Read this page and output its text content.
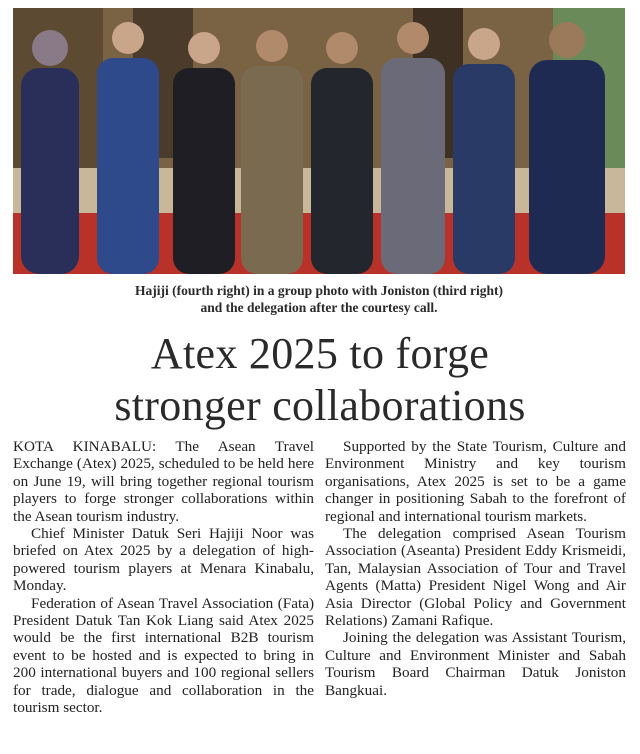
Hajiji (fourth right) in a group photo with Joniston (third right)
and the delegation after the courtesy call.
Atex 2025 to forge
stronger collaborations

KOTA KINABALU: The Asean Travel Exchange (Atex) 2025, scheduled to be held here on June 19, will bring together regional tourism players to forge stronger collaborations within the Asean tourism industry.

Chief Minister Datuk Seri Hajiji Noor was briefed on Atex 2025 by a delegation of high-powered tourism players at Menara Kinabalu, Monday.

Federation of Asean Travel Association (Fata) President Datuk Tan Kok Liang said Atex 2025 would be the first international B2B tourism event to be hosted and is expected to bring in 200 international buyers and 100 regional sellers for trade, dialogue and collaboration in the tourism sector.

Supported by the State Tourism, Culture and Environment Ministry and key tourism organisations, Atex 2025 is set to be a game changer in positioning Sabah to the forefront of regional and international tourism markets.

The delegation comprised Asean Tourism Association (Aseanta) President Eddy Krismeidi, Tan, Malaysian Association of Tour and Travel Agents (Matta) President Nigel Wong and Air Asia Director (Global Policy and Government Relations) Zamani Rafique.

Joining the delegation was Assistant Tourism, Culture and Environment Minister and Sabah Tourism Board Chairman Datuk Joniston Bangkuai.
